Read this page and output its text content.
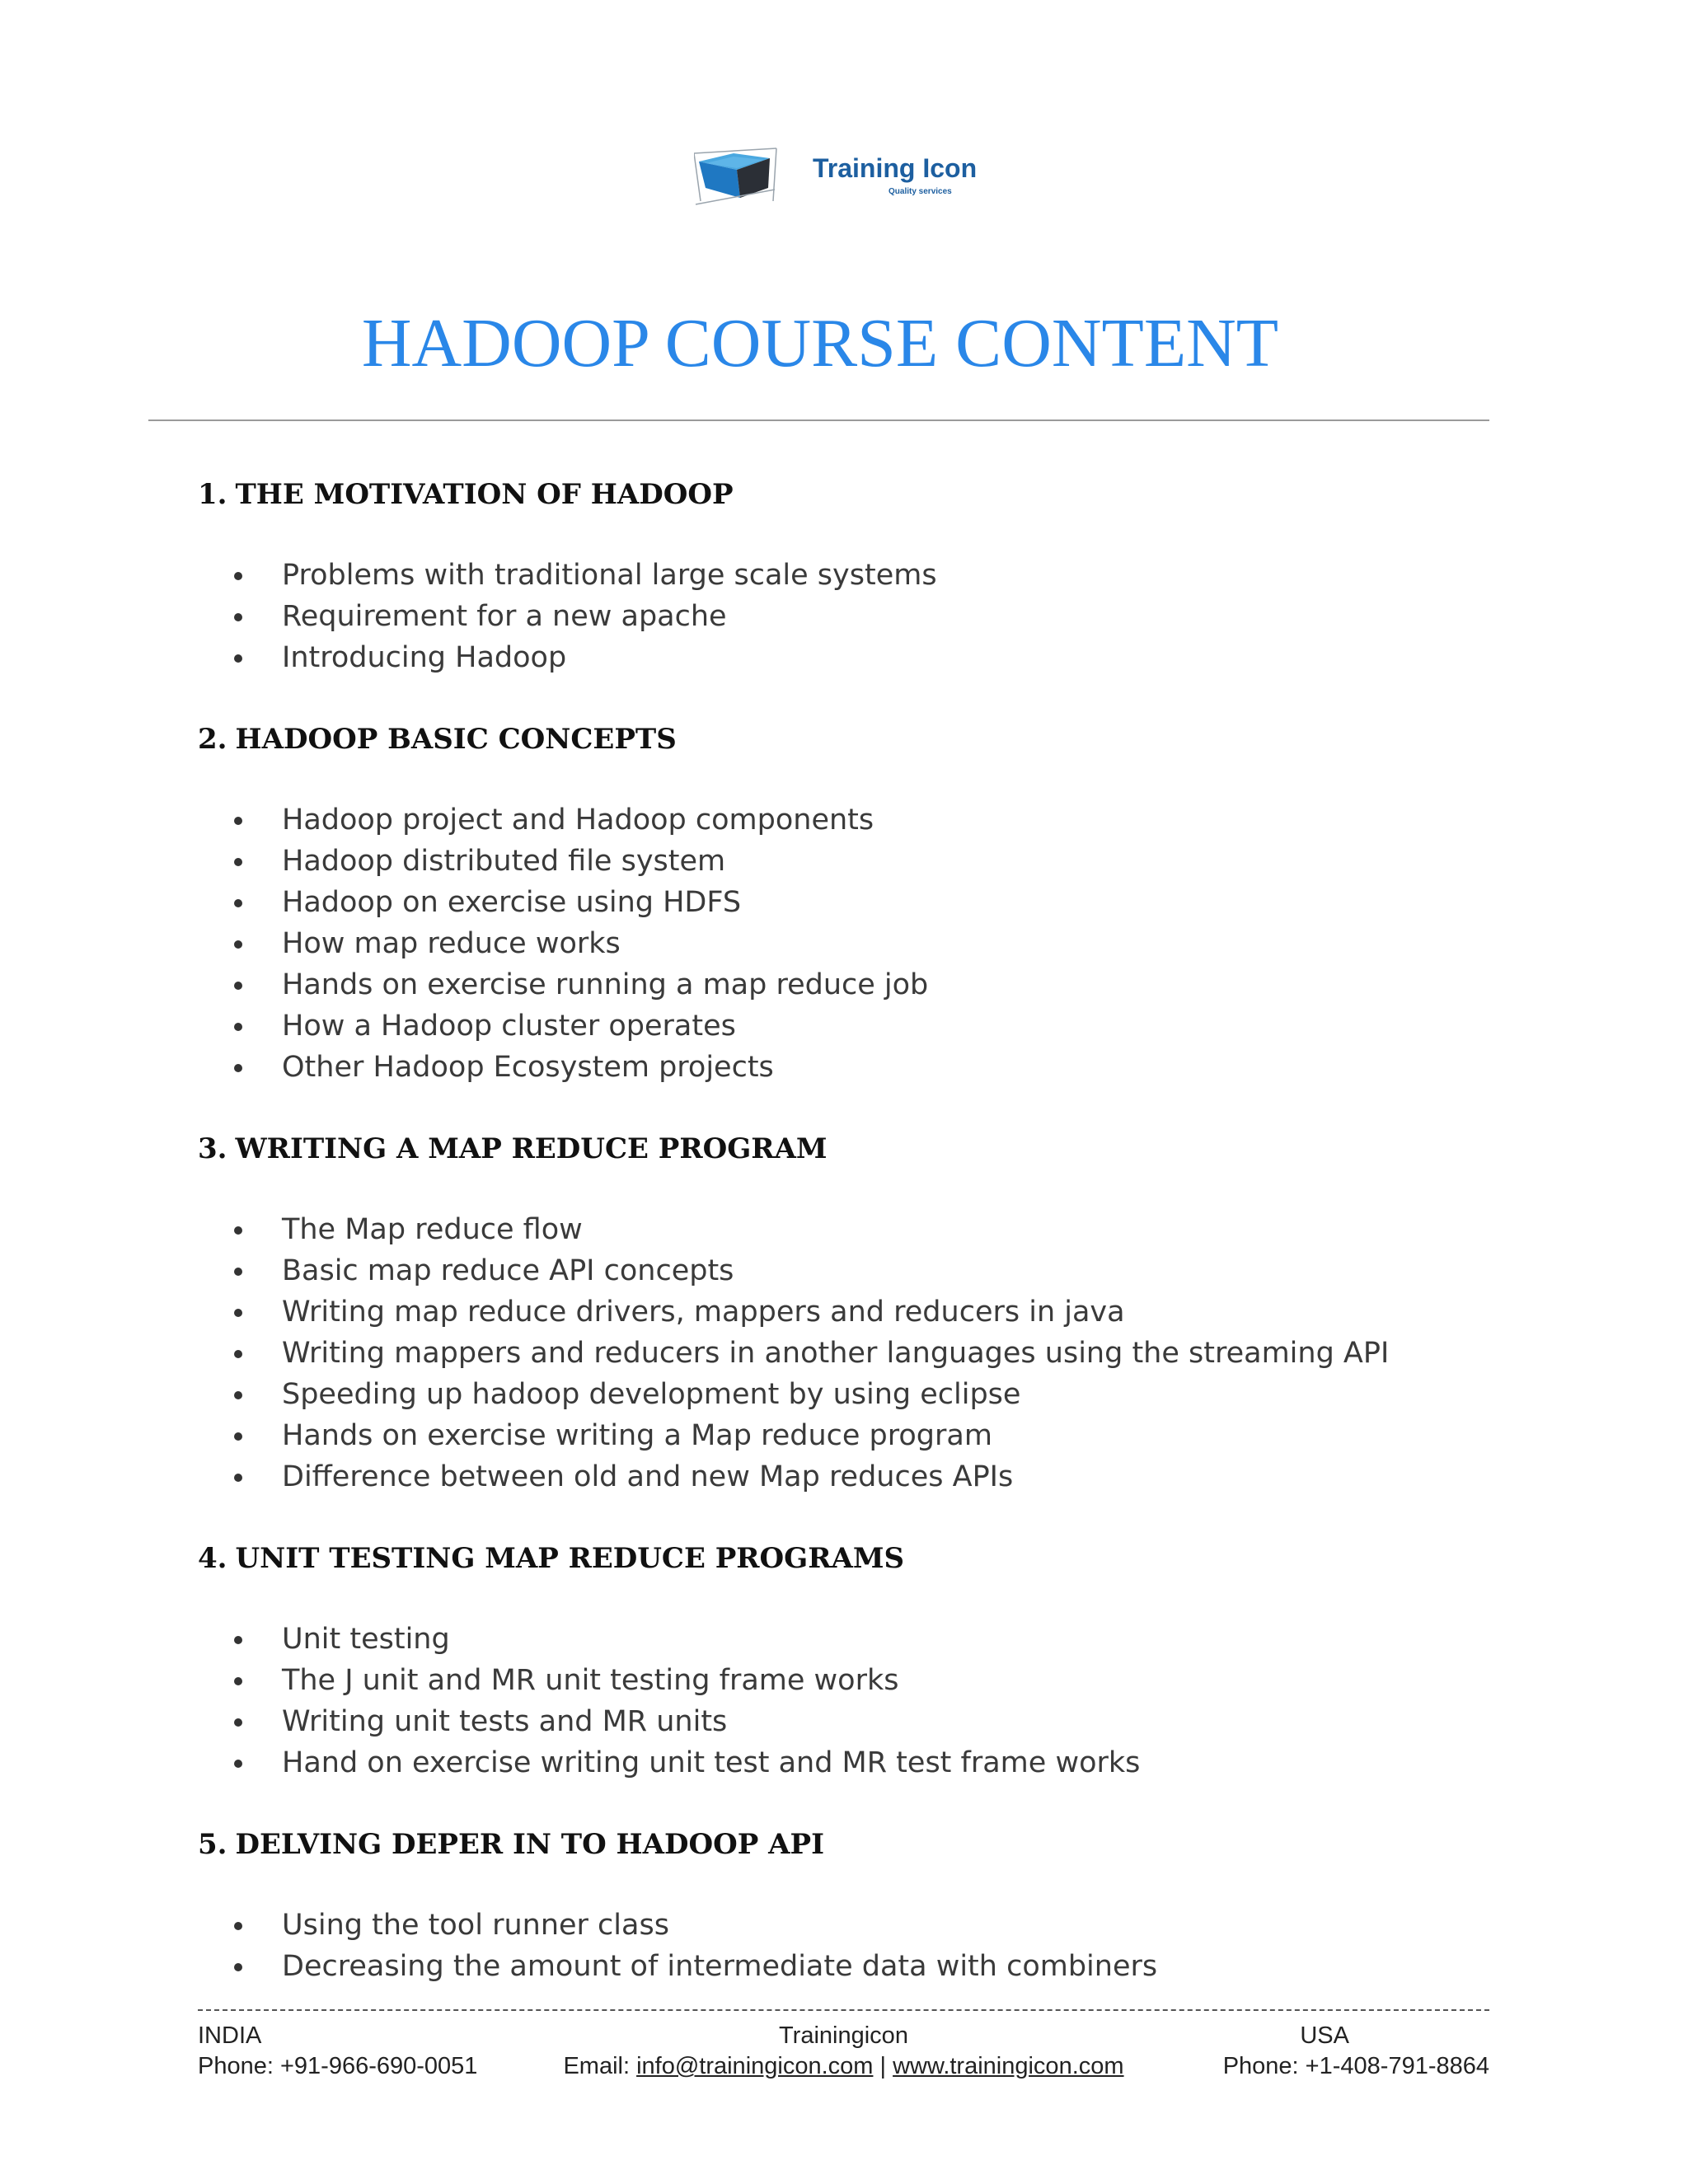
Training Icon
Quality services
HADOOP COURSE CONTENT
1. THE MOTIVATION OF HADOOP
Problems with traditional large scale systems
Requirement for a new apache
Introducing Hadoop
2. HADOOP BASIC CONCEPTS
Hadoop project and Hadoop components
Hadoop distributed file system
Hadoop on exercise using HDFS
How map reduce works
Hands on exercise running a map reduce job
How a Hadoop cluster operates
Other Hadoop Ecosystem projects
3. WRITING A MAP REDUCE PROGRAM
The Map reduce flow
Basic map reduce API concepts
Writing map reduce drivers, mappers and reducers in java
Writing mappers and reducers in another languages using the streaming API
Speeding up hadoop development by using eclipse
Hands on exercise writing a Map reduce program
Difference between old and new Map reduces APIs
4. UNIT TESTING MAP REDUCE PROGRAMS
Unit testing
The J unit and MR unit testing frame works
Writing unit tests and MR units
Hand on exercise writing unit test and MR test frame works
5. DELVING DEPER IN TO HADOOP API
Using the tool runner class
Decreasing the amount of intermediate data with combiners
INDIA
Phone: +91-966-690-0051
Trainingicon
Email: info@trainingicon.com | www.trainingicon.com
USA
Phone: +1-408-791-8864
